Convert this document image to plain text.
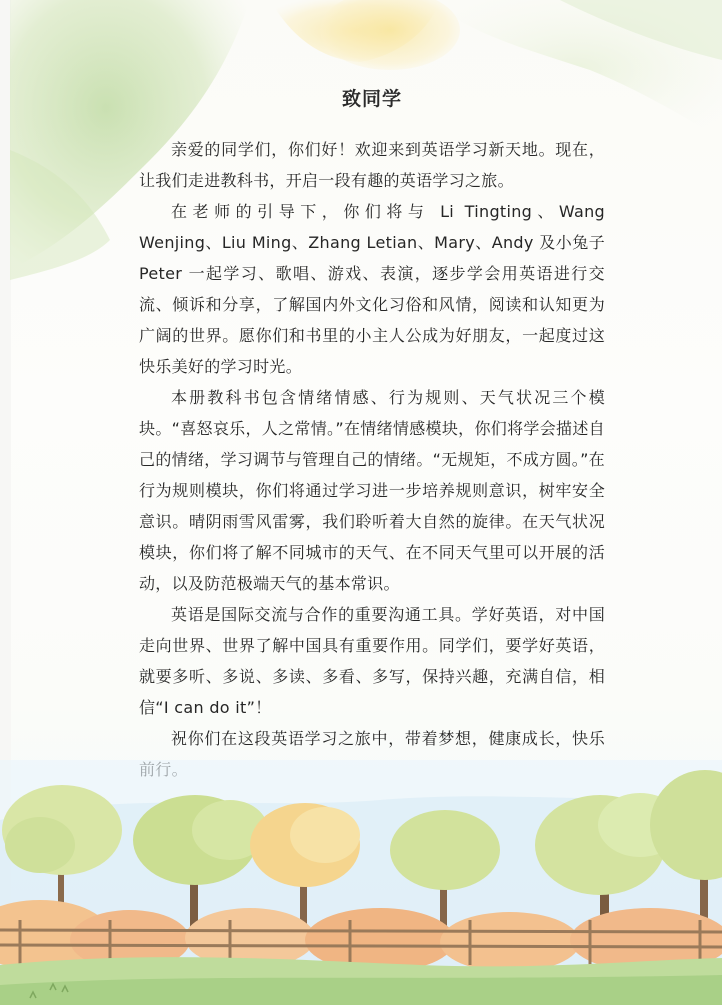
致同学

亲爱的同学们，你们好！欢迎来到英语学习新天地。现在，让我们走进教科书，开启一段有趣的英语学习之旅。

在老师的引导下，你们将与 Li Tingting、Wang Wenjing、Liu Ming、Zhang Letian、Mary、Andy 及小兔子 Peter 一起学习、歌唱、游戏、表演，逐步学会用英语进行交流、倾诉和分享，了解国内外文化习俗和风情，阅读和认知更为广阔的世界。愿你们和书里的小主人公成为好朋友，一起度过这快乐美好的学习时光。

本册教科书包含情绪情感、行为规则、天气状况三个模块。“喜怒哀乐，人之常情。”在情绪情感模块，你们将学会描述自己的情绪，学习调节与管理自己的情绪。“无规矩，不成方圆。”在行为规则模块，你们将通过学习进一步培养规则意识，树牢安全意识。晴阴雨雪风雷雾，我们聆听着大自然的旋律。在天气状况模块，你们将了解不同城市的天气、在不同天气里可以开展的活动，以及防范极端天气的基本常识。

英语是国际交流与合作的重要沟通工具。学好英语，对中国走向世界、世界了解中国具有重要作用。同学们，要学好英语，就要多听、多说、多读、多看、多写，保持兴趣，充满自信，相信“I can do it”！

祝你们在这段英语学习之旅中，带着梦想，健康成长，快乐
